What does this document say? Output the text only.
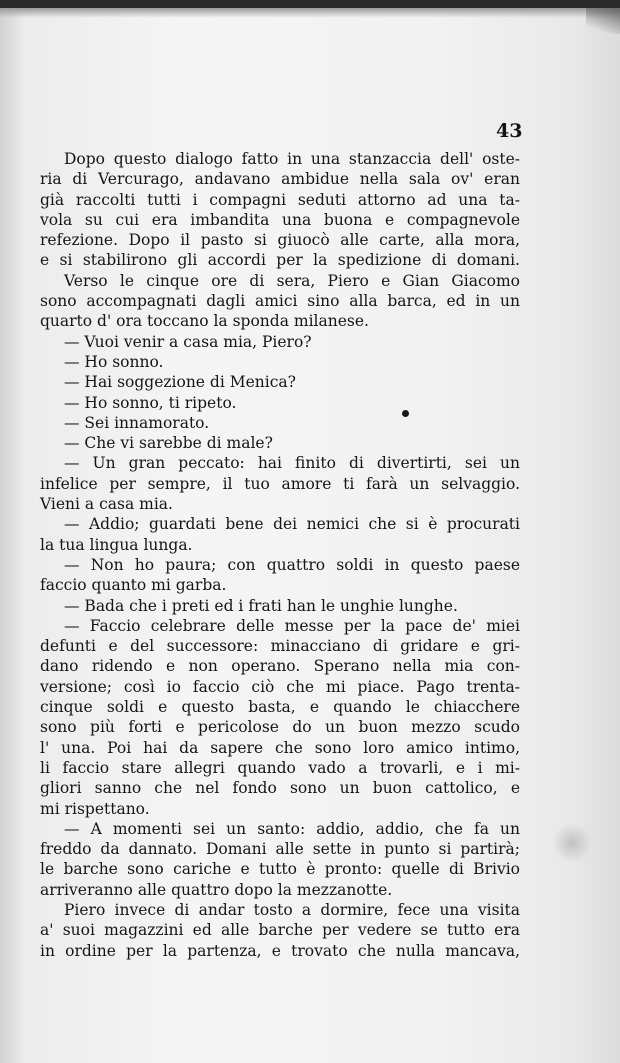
43
Dopo questo dialogo fatto in una stanzaccia dell' oste-
ria di Vercurago, andavano ambidue nella sala ov' eran
già raccolti tutti i compagni seduti attorno ad una ta-
vola su cui era imbandita una buona e compagnevole
refezione. Dopo il pasto si giuocò alle carte, alla mora,
e si stabilirono gli accordi per la spedizione di domani.
Verso le cinque ore di sera, Piero e Gian Giacomo
sono accompagnati dagli amici sino alla barca, ed in un
quarto d' ora toccano la sponda milanese.
— Vuoi venir a casa mia, Piero?
— Ho sonno.
— Hai soggezione di Menica?
— Ho sonno, ti ripeto.
— Sei innamorato.
— Che vi sarebbe di male?
— Un gran peccato: hai finito di divertirti, sei un
infelice per sempre, il tuo amore ti farà un selvaggio.
Vieni a casa mia.
— Addio; guardati bene dei nemici che si è procurati
la tua lingua lunga.
— Non ho paura; con quattro soldi in questo paese
faccio quanto mi garba.
— Bada che i preti ed i frati han le unghie lunghe.
— Faccio celebrare delle messe per la pace de' miei
defunti e del successore: minacciano di gridare e gri-
dano ridendo e non operano. Sperano nella mia con-
versione; così io faccio ciò che mi piace. Pago trenta-
cinque soldi e questo basta, e quando le chiacchere
sono più forti e pericolose do un buon mezzo scudo
l' una. Poi hai da sapere che sono loro amico intimo,
li faccio stare allegri quando vado a trovarli, e i mi-
gliori sanno che nel fondo sono un buon cattolico, e
mi rispettano.
— A momenti sei un santo: addio, addio, che fa un
freddo da dannato. Domani alle sette in punto si partirà;
le barche sono cariche e tutto è pronto: quelle di Brivio
arriveranno alle quattro dopo la mezzanotte.
Piero invece di andar tosto a dormire, fece una visita
a' suoi magazzini ed alle barche per vedere se tutto era
in ordine per la partenza, e trovato che nulla mancava,
